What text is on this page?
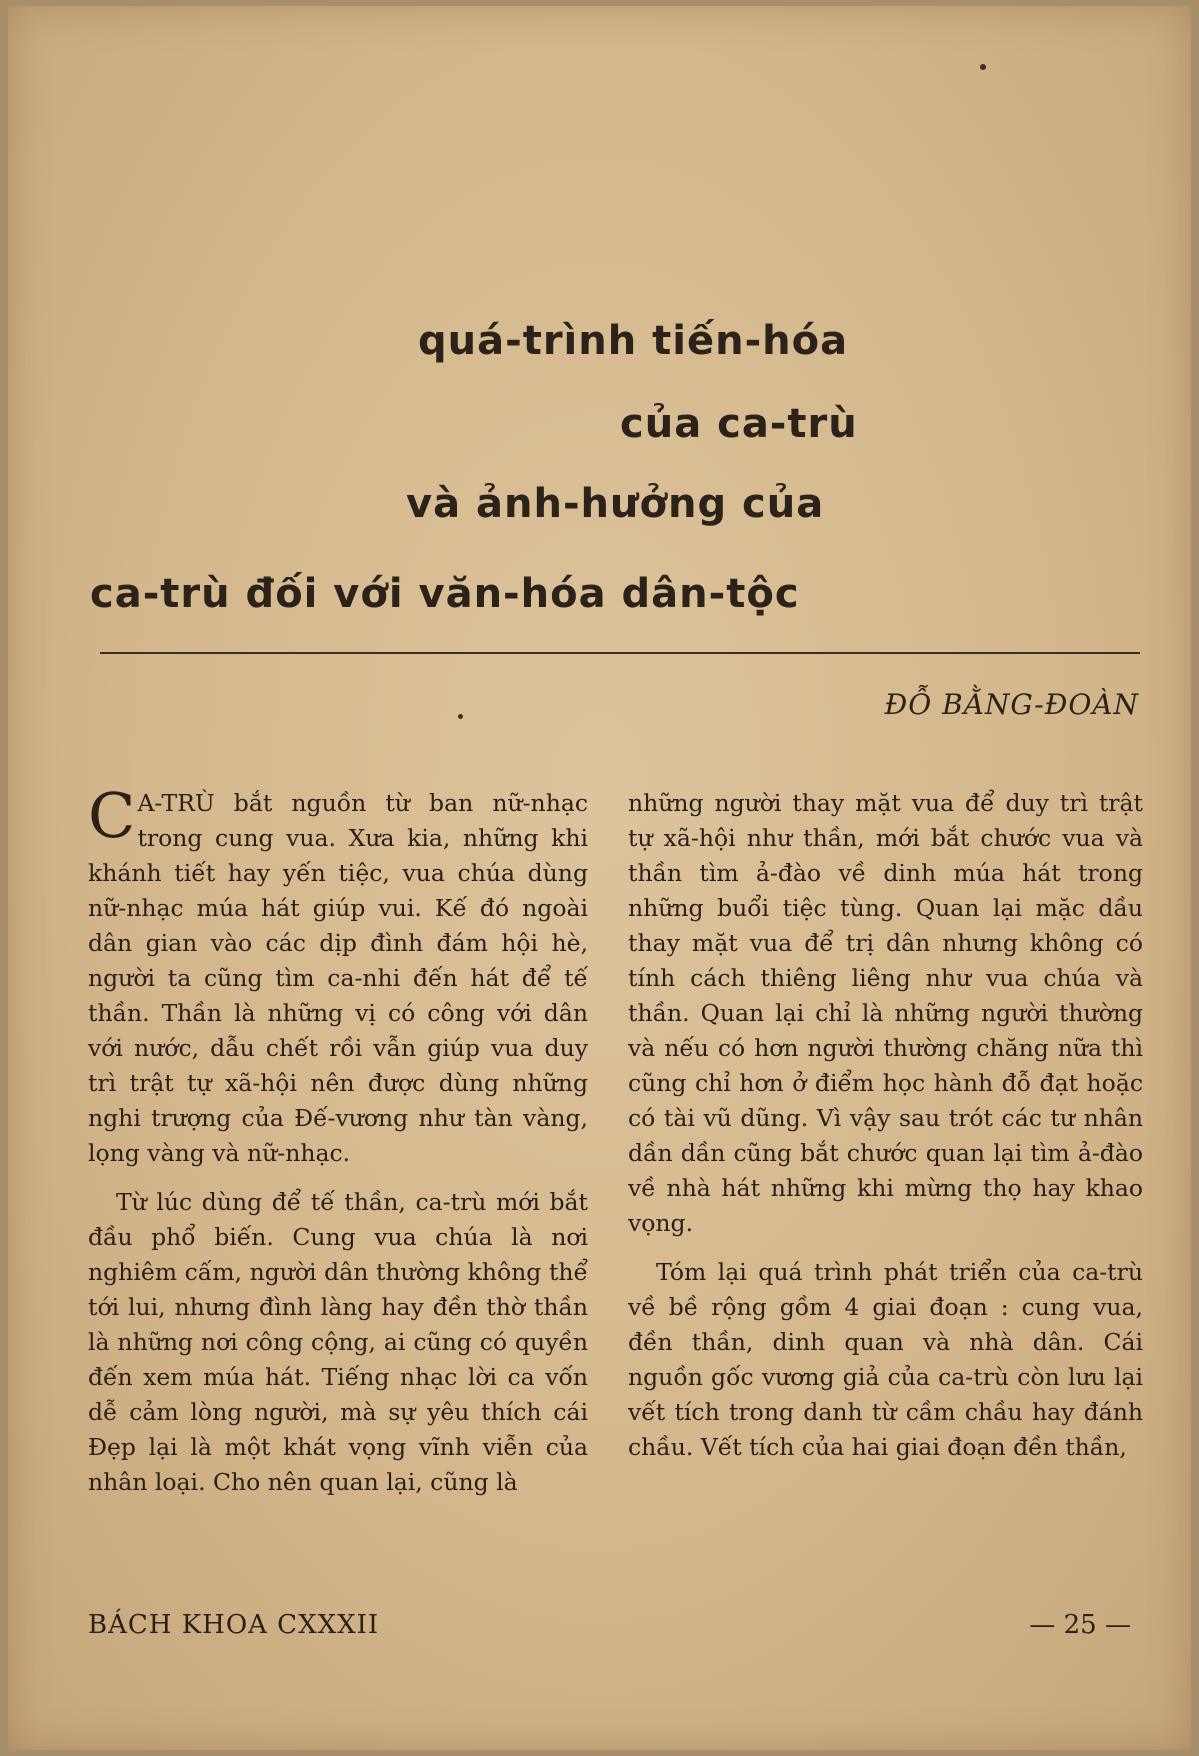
quá-trình tiến-hóa
của ca-trù
và ảnh-hưởng của
ca-trù đối với văn-hóa dân-tộc
ĐỖ BẰNG-ĐOÀN

C A-TRÙ bắt nguồn từ ban nữ-nhạc trong cung vua. Xưa kia, những khi khánh tiết hay yến tiệc, vua chúa dùng nữ-nhạc múa hát giúp vui. Kế đó ngoài dân gian vào các dịp đình đám hội hè, người ta cũng tìm ca-nhi đến hát để tế thần. Thần là những vị có công với dân với nước, dẫu chết rồi vẫn giúp vua duy trì trật tự xã-hội nên được dùng những nghi trượng của Đế-vương như tàn vàng, lọng vàng và nữ-nhạc.

Từ lúc dùng để tế thần, ca-trù mới bắt đầu phổ biến. Cung vua chúa là nơi nghiêm cấm, người dân thường không thể tới lui, nhưng đình làng hay đền thờ thần là những nơi công cộng, ai cũng có quyền đến xem múa hát. Tiếng nhạc lời ca vốn dễ cảm lòng người, mà sự yêu thích cái Đẹp lại là một khát vọng vĩnh viễn của nhân loại. Cho nên quan lại, cũng là

những người thay mặt vua để duy trì trật tự xã-hội như thần, mới bắt chước vua và thần tìm ả-đào về dinh múa hát trong những buổi tiệc tùng. Quan lại mặc dầu thay mặt vua để trị dân nhưng không có tính cách thiêng liêng như vua chúa và thần. Quan lại chỉ là những người thường và nếu có hơn người thường chăng nữa thì cũng chỉ hơn ở điểm học hành đỗ đạt hoặc có tài vũ dũng. Vì vậy sau trót các tư nhân dần dần cũng bắt chước quan lại tìm ả-đào về nhà hát những khi mừng thọ hay khao vọng.

Tóm lại quá trình phát triển của ca-trù về bề rộng gồm 4 giai đoạn : cung vua, đền thần, dinh quan và nhà dân. Cái nguồn gốc vương giả của ca-trù còn lưu lại vết tích trong danh từ cầm chầu hay đánh chầu. Vết tích của hai giai đoạn đền thần,

BÁCH KHOA CXXXII	— 25 —
